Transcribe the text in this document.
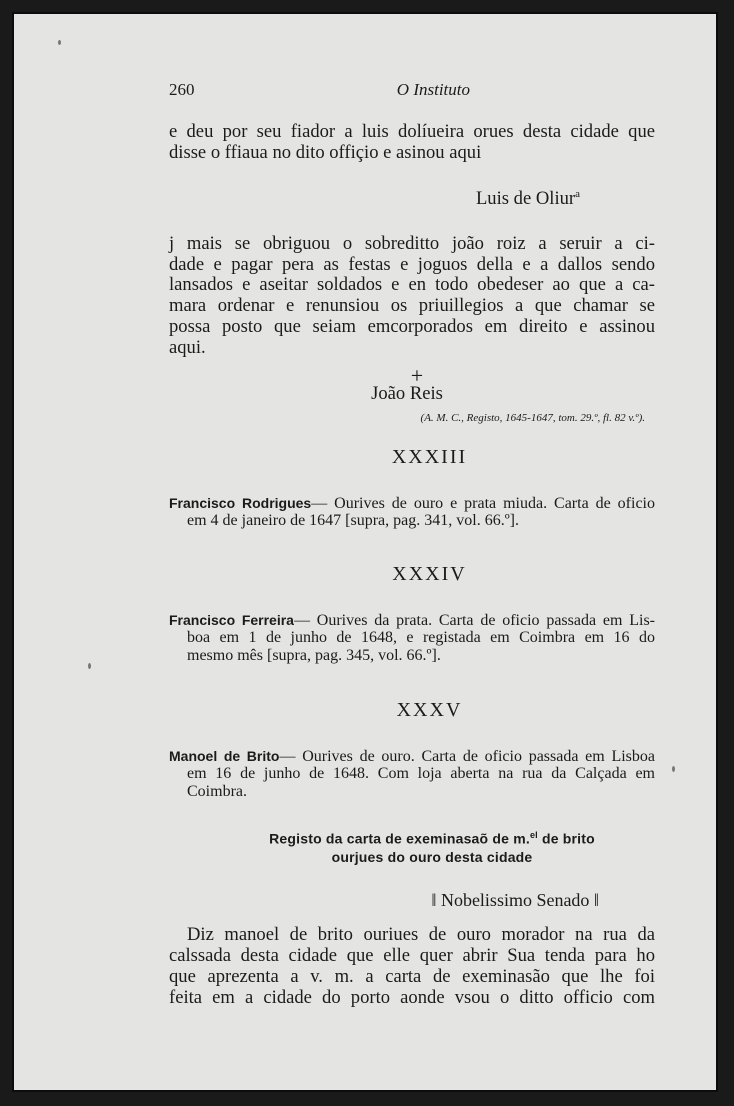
260	O Instituto

e deu por seu fiador a luis dolíueira orues desta cidade que
disse o ffiaua no dito offiçio e asinou aqui

Luis de Oliur$^a$

j mais se obriguou o sobreditto joão roiz a seruir a ci-
dade e pagar pera as festas e joguos della e a dallos sendo
lansados e aseitar soldados e en todo obedeser ao que a ca-
mara ordenar e renunsiou os priuillegios a que chamar se
possa posto que seiam emcorporados em direito e assinou
aqui.

+
João Reis
(A. M. C., Registo, 1645-1647, tom. 29.º, fl. 82 v.º).
XXXIII
Francisco Rodrigues— Ourives de ouro e prata miuda. Carta de oficio
em 4 de janeiro de 1647 [supra, pag. 341, vol. 66.º].
XXXIV
Francisco Ferreira— Ourives da prata. Carta de oficio passada em Lis-
boa em 1 de junho de 1648, e registada em Coimbra em 16 do
mesmo mês [supra, pag. 345, vol. 66.º].
XXXV
Manoel de Brito— Ourives de ouro. Carta de oficio passada em Lisboa
em 16 de junho de 1648. Com loja aberta na rua da Calçada em
Coimbra.
Registo da carta de exeminasaõ de m.$^{el}$ de brito
ourjues do ouro desta cidade
‖ Nobelissimo Senado ‖

Diz manoel de brito ouriues de ouro morador na rua da
calssada desta cidade que elle quer abrir Sua tenda para ho
que aprezenta a v. m. a carta de exeminasão que lhe foi
feita em a cidade do porto aonde vsou o ditto officio com
